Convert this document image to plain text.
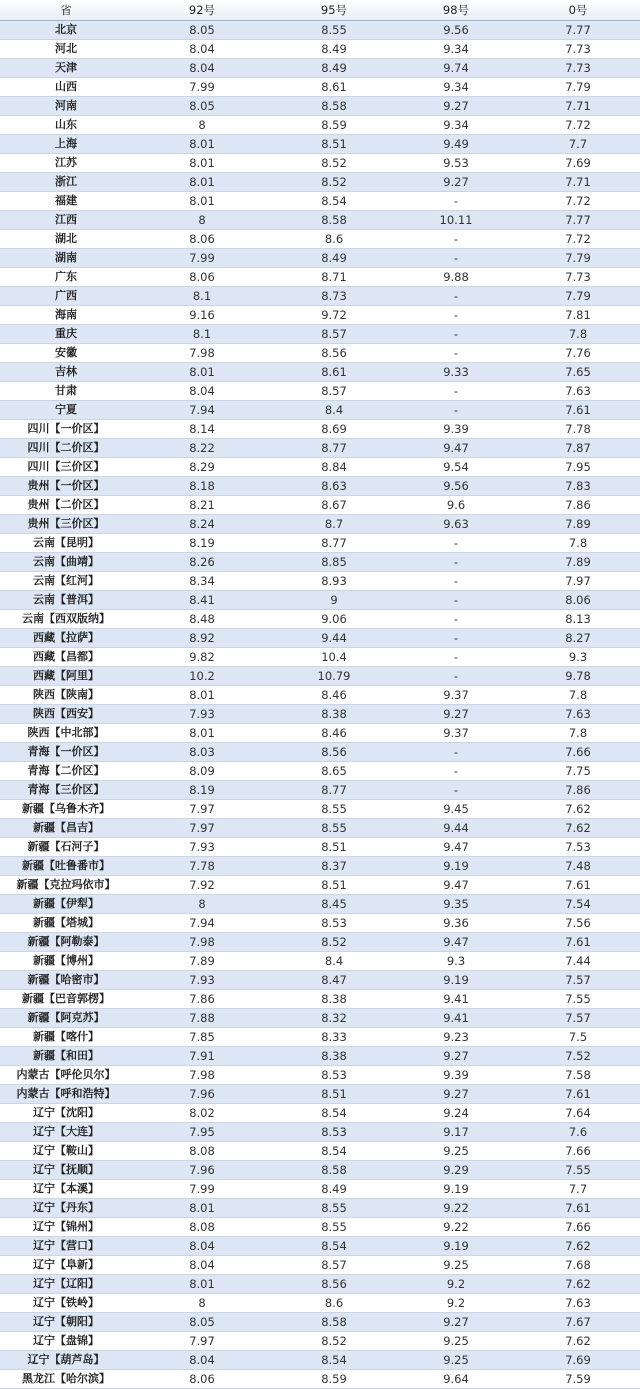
省	92号	95号	98号	0号
北京	8.05	8.55	9.56	7.77
河北	8.04	8.49	9.34	7.73
天津	8.04	8.49	9.74	7.73
山西	7.99	8.61	9.34	7.79
河南	8.05	8.58	9.27	7.71
山东	8	8.59	9.34	7.72
上海	8.01	8.51	9.49	7.7
江苏	8.01	8.52	9.53	7.69
浙江	8.01	8.52	9.27	7.71
福建	8.01	8.54	-	7.72
江西	8	8.58	10.11	7.77
湖北	8.06	8.6	-	7.72
湖南	7.99	8.49	-	7.79
广东	8.06	8.71	9.88	7.73
广西	8.1	8.73	-	7.79
海南	9.16	9.72	-	7.81
重庆	8.1	8.57	-	7.8
安徽	7.98	8.56	-	7.76
吉林	8.01	8.61	9.33	7.65
甘肃	8.04	8.57	-	7.63
宁夏	7.94	8.4	-	7.61
四川【一价区】	8.14	8.69	9.39	7.78
四川【二价区】	8.22	8.77	9.47	7.87
四川【三价区】	8.29	8.84	9.54	7.95
贵州【一价区】	8.18	8.63	9.56	7.83
贵州【二价区】	8.21	8.67	9.6	7.86
贵州【三价区】	8.24	8.7	9.63	7.89
云南【昆明】	8.19	8.77	-	7.8
云南【曲靖】	8.26	8.85	-	7.89
云南【红河】	8.34	8.93	-	7.97
云南【普洱】	8.41	9	-	8.06
云南【西双版纳】	8.48	9.06	-	8.13
西藏【拉萨】	8.92	9.44	-	8.27
西藏【昌都】	9.82	10.4	-	9.3
西藏【阿里】	10.2	10.79	-	9.78
陕西【陕南】	8.01	8.46	9.37	7.8
陕西【西安】	7.93	8.38	9.27	7.63
陕西【中北部】	8.01	8.46	9.37	7.8
青海【一价区】	8.03	8.56	-	7.66
青海【二价区】	8.09	8.65	-	7.75
青海【三价区】	8.19	8.77	-	7.86
新疆【乌鲁木齐】	7.97	8.55	9.45	7.62
新疆【昌吉】	7.97	8.55	9.44	7.62
新疆【石河子】	7.93	8.51	9.47	7.53
新疆【吐鲁番市】	7.78	8.37	9.19	7.48
新疆【克拉玛依市】	7.92	8.51	9.47	7.61
新疆【伊犁】	8	8.45	9.35	7.54
新疆【塔城】	7.94	8.53	9.36	7.56
新疆【阿勒泰】	7.98	8.52	9.47	7.61
新疆【博州】	7.89	8.4	9.3	7.44
新疆【哈密市】	7.93	8.47	9.19	7.57
新疆【巴音郭楞】	7.86	8.38	9.41	7.55
新疆【阿克苏】	7.88	8.32	9.41	7.57
新疆【喀什】	7.85	8.33	9.23	7.5
新疆【和田】	7.91	8.38	9.27	7.52
内蒙古【呼伦贝尔】	7.98	8.53	9.39	7.58
内蒙古【呼和浩特】	7.96	8.51	9.27	7.61
辽宁【沈阳】	8.02	8.54	9.24	7.64
辽宁【大连】	7.95	8.53	9.17	7.6
辽宁【鞍山】	8.08	8.54	9.25	7.66
辽宁【抚顺】	7.96	8.58	9.29	7.55
辽宁【本溪】	7.99	8.49	9.19	7.7
辽宁【丹东】	8.01	8.55	9.22	7.61
辽宁【锦州】	8.08	8.55	9.22	7.66
辽宁【营口】	8.04	8.54	9.19	7.62
辽宁【阜新】	8.04	8.57	9.25	7.68
辽宁【辽阳】	8.01	8.56	9.2	7.62
辽宁【铁岭】	8	8.6	9.2	7.63
辽宁【朝阳】	8.05	8.58	9.27	7.67
辽宁【盘锦】	7.97	8.52	9.25	7.62
辽宁【葫芦岛】	8.04	8.54	9.25	7.69
黑龙江【哈尔滨】	8.06	8.59	9.64	7.59
